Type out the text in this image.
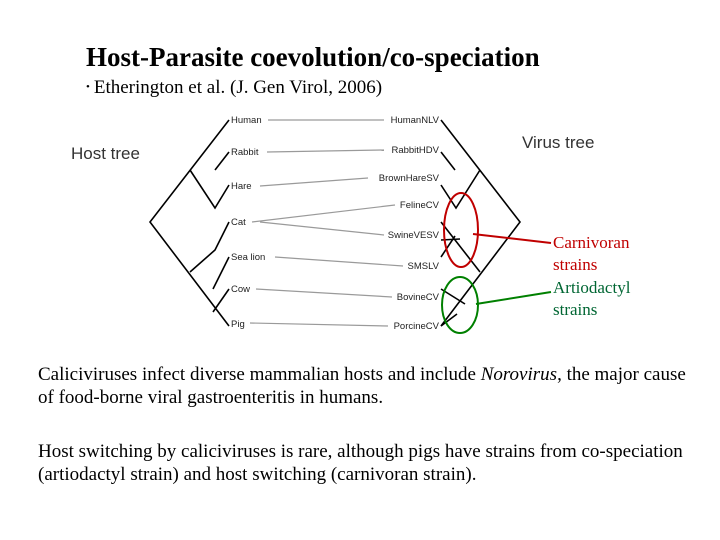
Host-Parasite coevolution/co-speciation
• Etherington et al. (J. Gen Virol, 2006)
Host tree
Virus tree
Human
Rabbit
Hare
Cat
Sea lion
Cow
Pig
HumanNLV
RabbitHDV
BrownHareSV
FelineCV
SwineVESV
SMSLV
BovineCV
PorcineCV
Carnivoran
strains
Artiodactyl
strains
Caliciviruses infect diverse mammalian hosts and include Norovirus, the major cause of food-borne viral gastroenteritis in humans.
Host switching by caliciviruses is rare, although pigs have strains from co-speciation (artiodactyl strain) and host switching (carnivoran strain).
